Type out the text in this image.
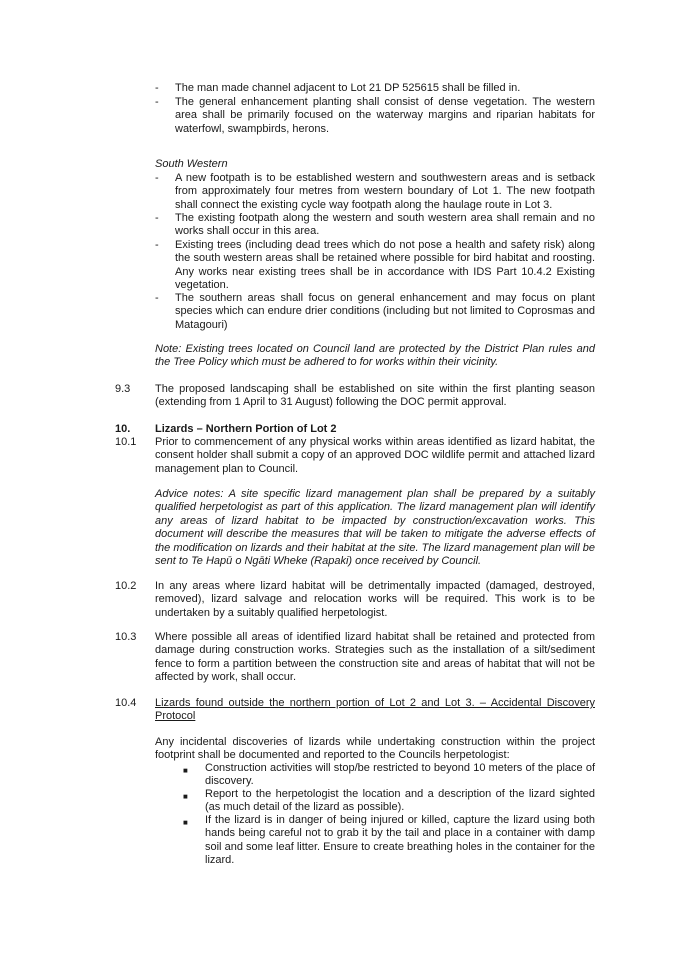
- The man made channel adjacent to Lot 21 DP 525615 shall be filled in.
- The general enhancement planting shall consist of dense vegetation. The western area shall be primarily focused on the waterway margins and riparian habitats for waterfowl, swampbirds, herons.
South Western
- A new footpath is to be established western and southwestern areas and is setback from approximately four metres from western boundary of Lot 1. The new footpath shall connect the existing cycle way footpath along the haulage route in Lot 3.
- The existing footpath along the western and south western area shall remain and no works shall occur in this area.
- Existing trees (including dead trees which do not pose a health and safety risk) along the south western areas shall be retained where possible for bird habitat and roosting. Any works near existing trees shall be in accordance with IDS Part 10.4.2 Existing vegetation.
- The southern areas shall focus on general enhancement and may focus on plant species which can endure drier conditions (including but not limited to Coprosmas and Matagouri)
Note: Existing trees located on Council land are protected by the District Plan rules and the Tree Policy which must be adhered to for works within their vicinity.
9.3 The proposed landscaping shall be established on site within the first planting season (extending from 1 April to 31 August) following the DOC permit approval.
10. Lizards – Northern Portion of Lot 2
10.1 Prior to commencement of any physical works within areas identified as lizard habitat, the consent holder shall submit a copy of an approved DOC wildlife permit and attached lizard management plan to Council.
Advice notes: A site specific lizard management plan shall be prepared by a suitably qualified herpetologist as part of this application. The lizard management plan will identify any areas of lizard habitat to be impacted by construction/excavation works. This document will describe the measures that will be taken to mitigate the adverse effects of the modification on lizards and their habitat at the site. The lizard management plan will be sent to Te Hapū o Ngāti Wheke (Rapaki) once received by Council.
10.2 In any areas where lizard habitat will be detrimentally impacted (damaged, destroyed, removed), lizard salvage and relocation works will be required. This work is to be undertaken by a suitably qualified herpetologist.
10.3 Where possible all areas of identified lizard habitat shall be retained and protected from damage during construction works. Strategies such as the installation of a silt/sediment fence to form a partition between the construction site and areas of habitat that will not be affected by work, shall occur.
10.4 Lizards found outside the northern portion of Lot 2 and Lot 3. – Accidental Discovery Protocol
Any incidental discoveries of lizards while undertaking construction within the project footprint shall be documented and reported to the Councils herpetologist:
■ Construction activities will stop/be restricted to beyond 10 meters of the place of discovery.
■ Report to the herpetologist the location and a description of the lizard sighted (as much detail of the lizard as possible).
■ If the lizard is in danger of being injured or killed, capture the lizard using both hands being careful not to grab it by the tail and place in a container with damp soil and some leaf litter. Ensure to create breathing holes in the container for the lizard.
